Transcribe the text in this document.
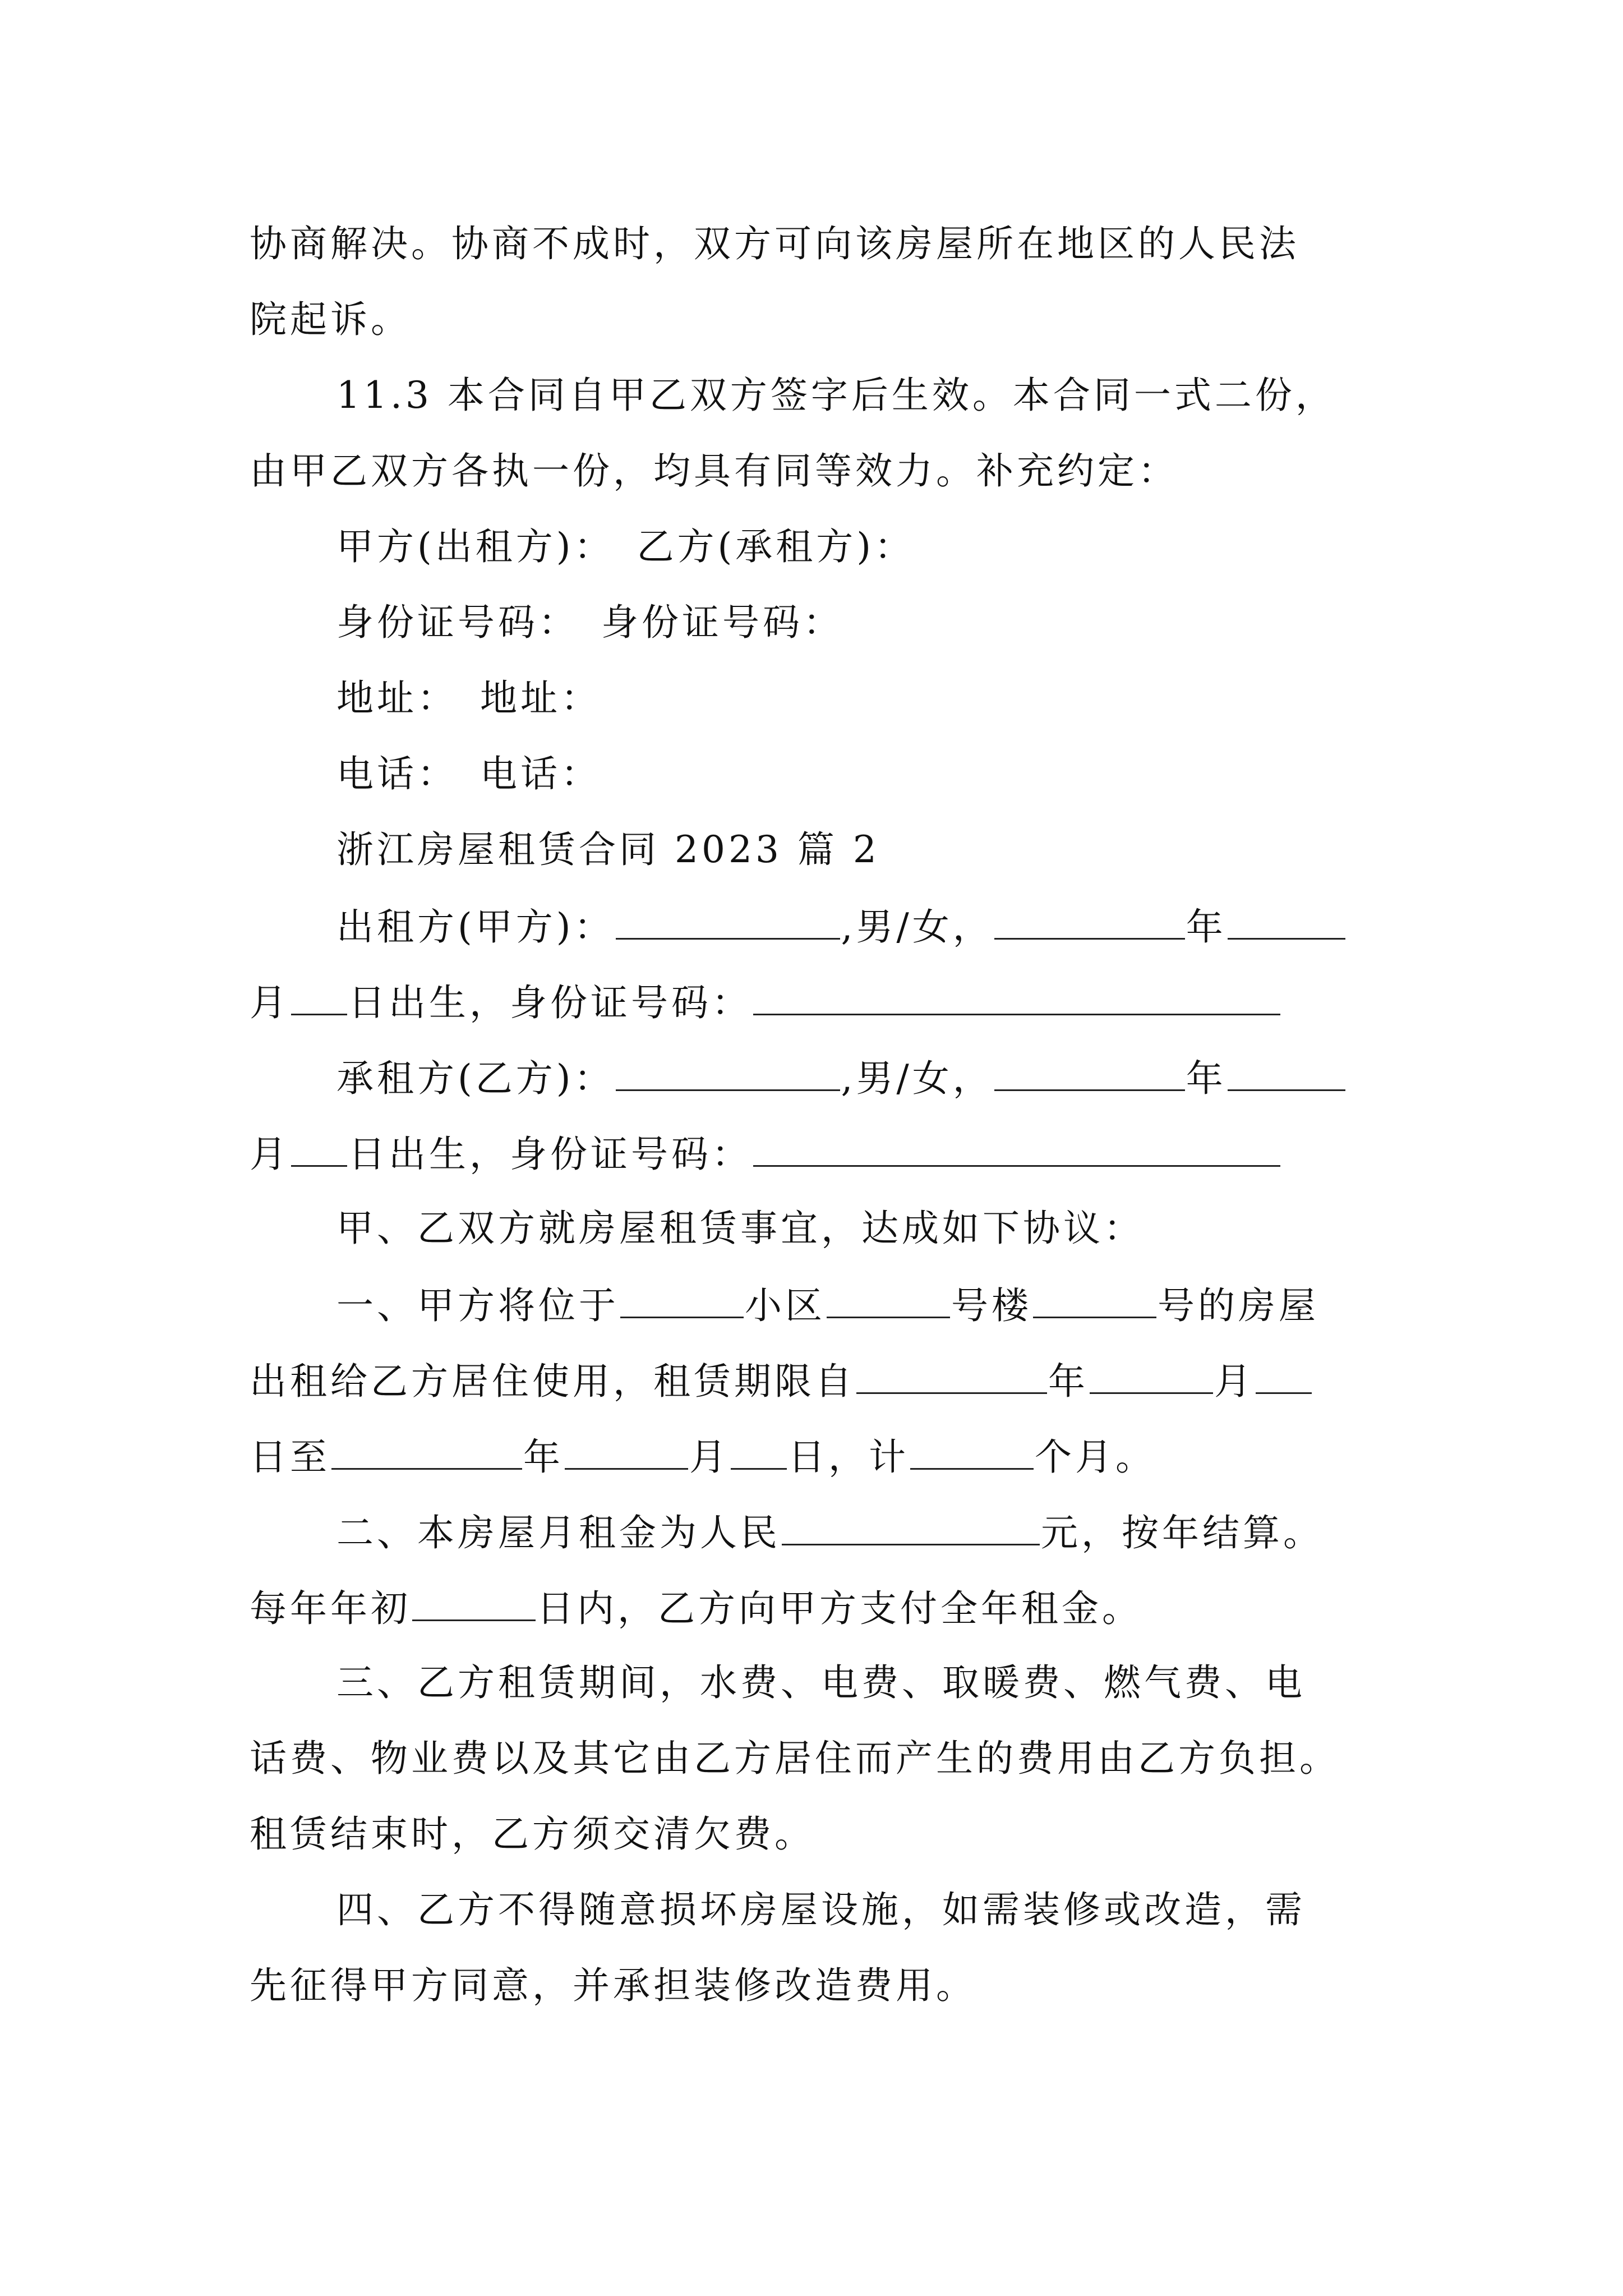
协商解决。协商不成时，双方可向该房屋所在地区的人民法
院起诉。
11.3 本合同自甲乙双方签字后生效。本合同一式二份，
由甲乙双方各执一份，均具有同等效力。补充约定：
甲方(出租方)： 乙方(承租方)：
身份证号码： 身份证号码：
地址： 地址：
电话： 电话：
浙江房屋租赁合同 2023 篇 2
出租方(甲方)：	,男/女，	年
月 日出生，身份证号码：
承租方(乙方)：	,男/女，	年
月 日出生，身份证号码：
甲、乙双方就房屋租赁事宜，达成如下协议：
一、甲方将位于	小区	号楼	号的房屋
出租给乙方居住使用，租赁期限自	年	月
日至	年	月 日，计	个月。
二、本房屋月租金为人民	元，按年结算。
每年年初	日内，乙方向甲方支付全年租金。
三、乙方租赁期间，水费、电费、取暖费、燃气费、电
话费、物业费以及其它由乙方居住而产生的费用由乙方负担。
租赁结束时，乙方须交清欠费。
四、乙方不得随意损坏房屋设施，如需装修或改造，需
先征得甲方同意，并承担装修改造费用。
